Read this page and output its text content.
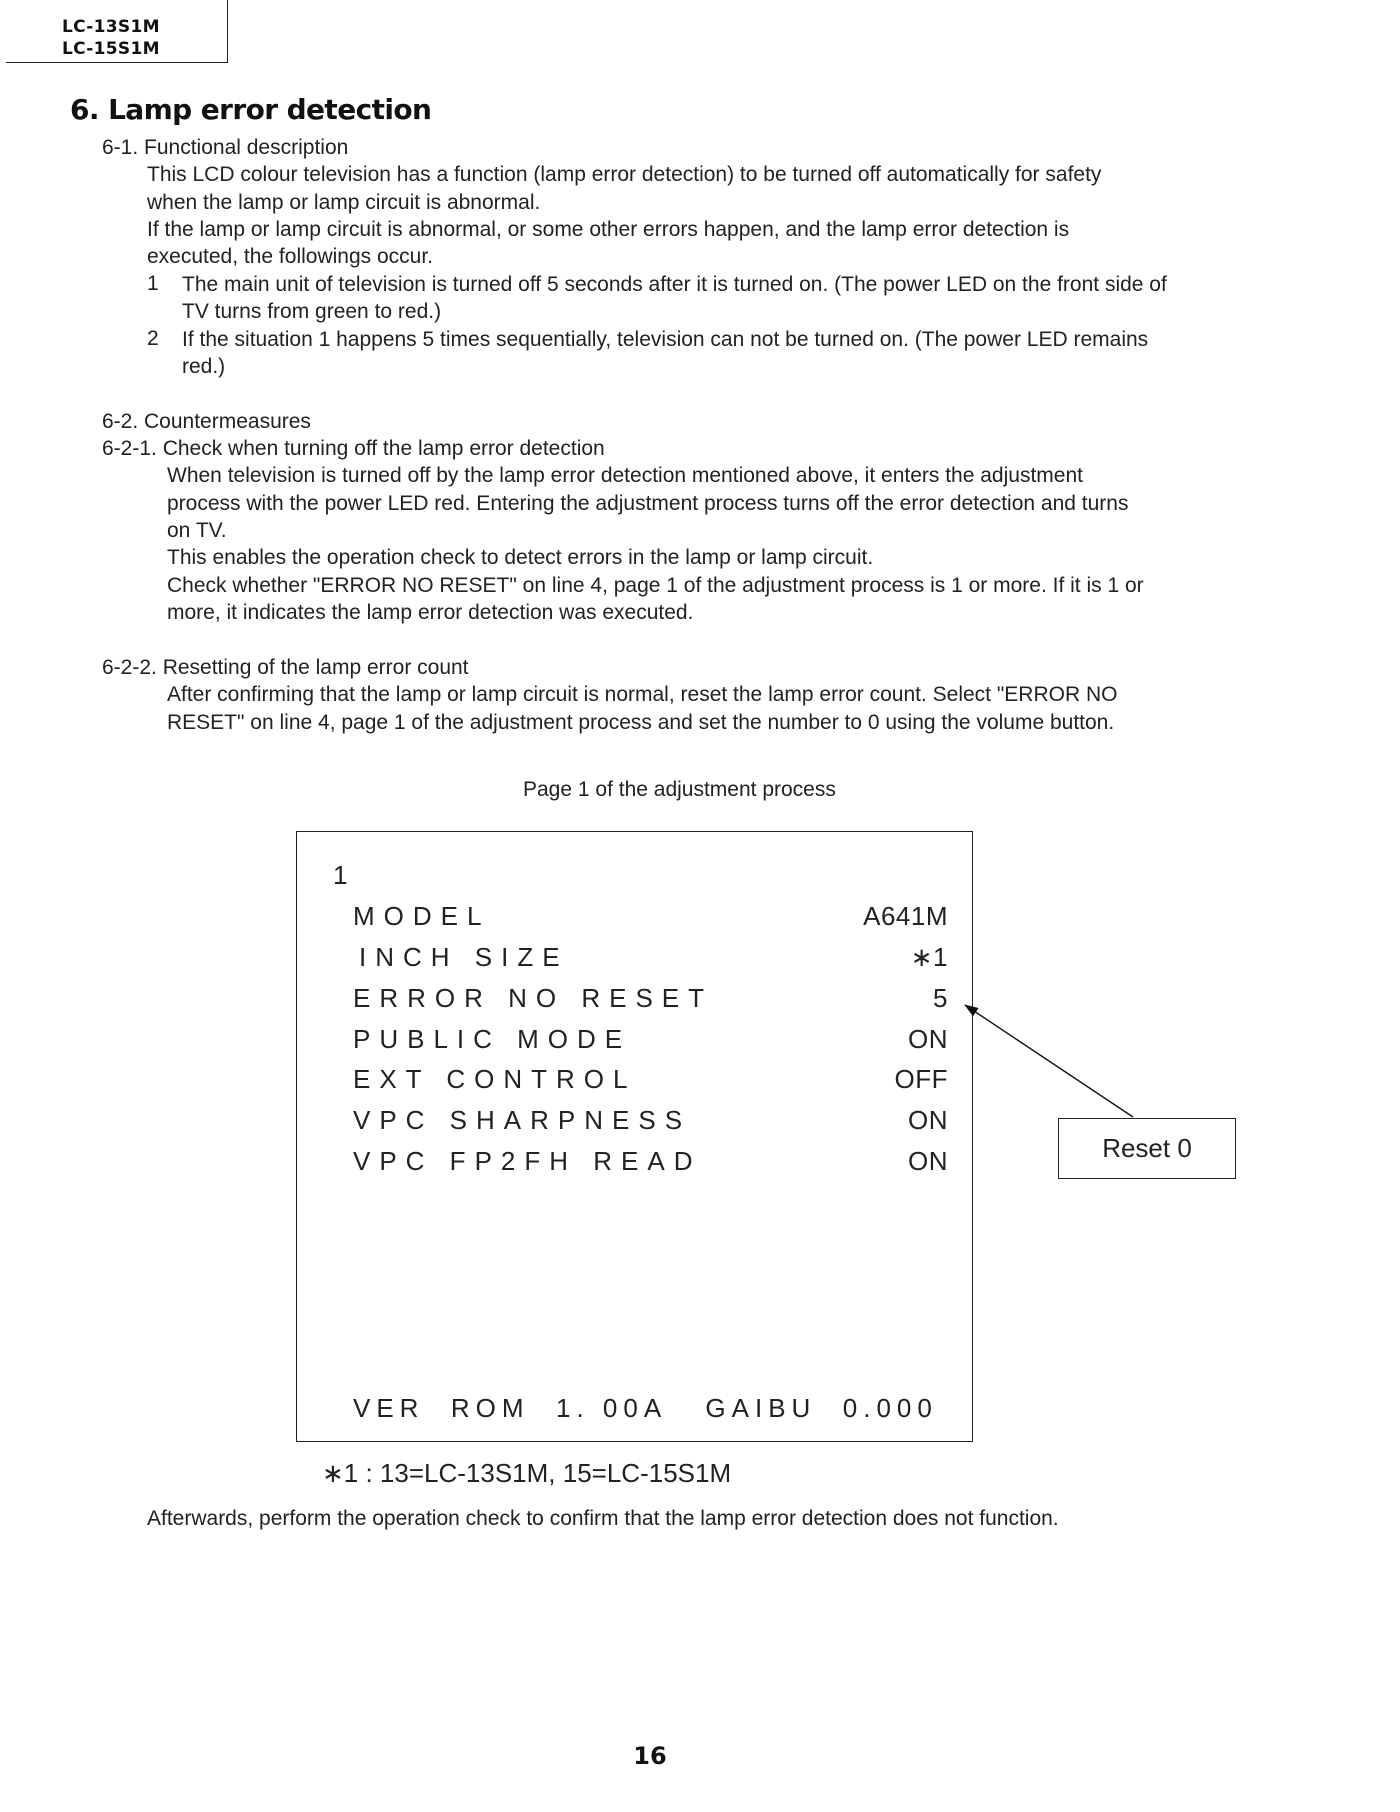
LC-13S1M
LC-15S1M
6. Lamp error detection
6-1. Functional description
This LCD colour television has a function (lamp error detection) to be turned off automatically for safety
when the lamp or lamp circuit is abnormal.
If the lamp or lamp circuit is abnormal, or some other errors happen, and the lamp error detection is
executed, the followings occur.
1 The main unit of television is turned off 5 seconds after it is turned on. (The power LED on the front side of
TV turns from green to red.)
2 If the situation 1 happens 5 times sequentially, television can not be turned on. (The power LED remains
red.)
6-2. Countermeasures
6-2-1. Check when turning off the lamp error detection
When television is turned off by the lamp error detection mentioned above, it enters the adjustment
process with the power LED red. Entering the adjustment process turns off the error detection and turns
on TV.
This enables the operation check to detect errors in the lamp or lamp circuit.
Check whether "ERROR NO RESET" on line 4, page 1 of the adjustment process is 1 or more. If it is 1 or
more, it indicates the lamp error detection was executed.
6-2-2. Resetting of the lamp error count
After confirming that the lamp or lamp circuit is normal, reset the lamp error count. Select "ERROR NO
RESET" on line 4, page 1 of the adjustment process and set the number to 0 using the volume button.
Page 1 of the adjustment process
1
MODEL	A641M
INCH SIZE	∗1
ERROR NO RESET	5
PUBLIC MODE	ON
EXT CONTROL	OFF
VPC SHARPNESS	ON
VPC FP2FH READ	ON
VER  ROM  1. 00A   GAIBU  0.000
Reset 0
∗1 : 13=LC-13S1M, 15=LC-15S1M
Afterwards, perform the operation check to confirm that the lamp error detection does not function.
16
